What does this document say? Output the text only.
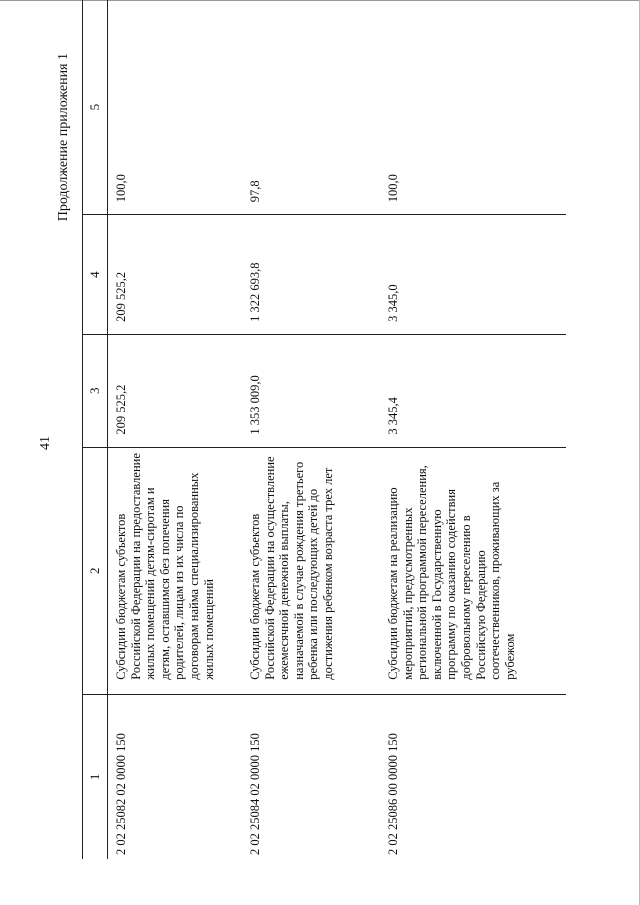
41
Продолжение приложения 1
1	2	3	4	5
2 02 25082 02 0000 150	Субсидии бюджетам субъектов Российской Федерации на предоставление жилых помещений детям-сиротам и детям, оставшимся без попечения родителей, лицам из их числа по договорам найма специализированных жилых помещений	209 525,2	209 525,2	100,0
2 02 25084 02 0000 150	Субсидии бюджетам субъектов Российской Федерации на осуществление ежемесячной денежной выплаты, назначаемой в случае рождения третьего ребенка или последующих детей до достижения ребенком возраста трех лет	1 353 009,0	1 322 693,8	97,8
2 02 25086 00 0000 150	Субсидии бюджетам на реализацию мероприятий, предусмотренных региональной программой переселения, включенной в Государственную программу по оказанию содействия добровольному переселению в Российскую Федерацию соотечественников, проживающих за рубежом	3 345,4	3 345,0	100,0
